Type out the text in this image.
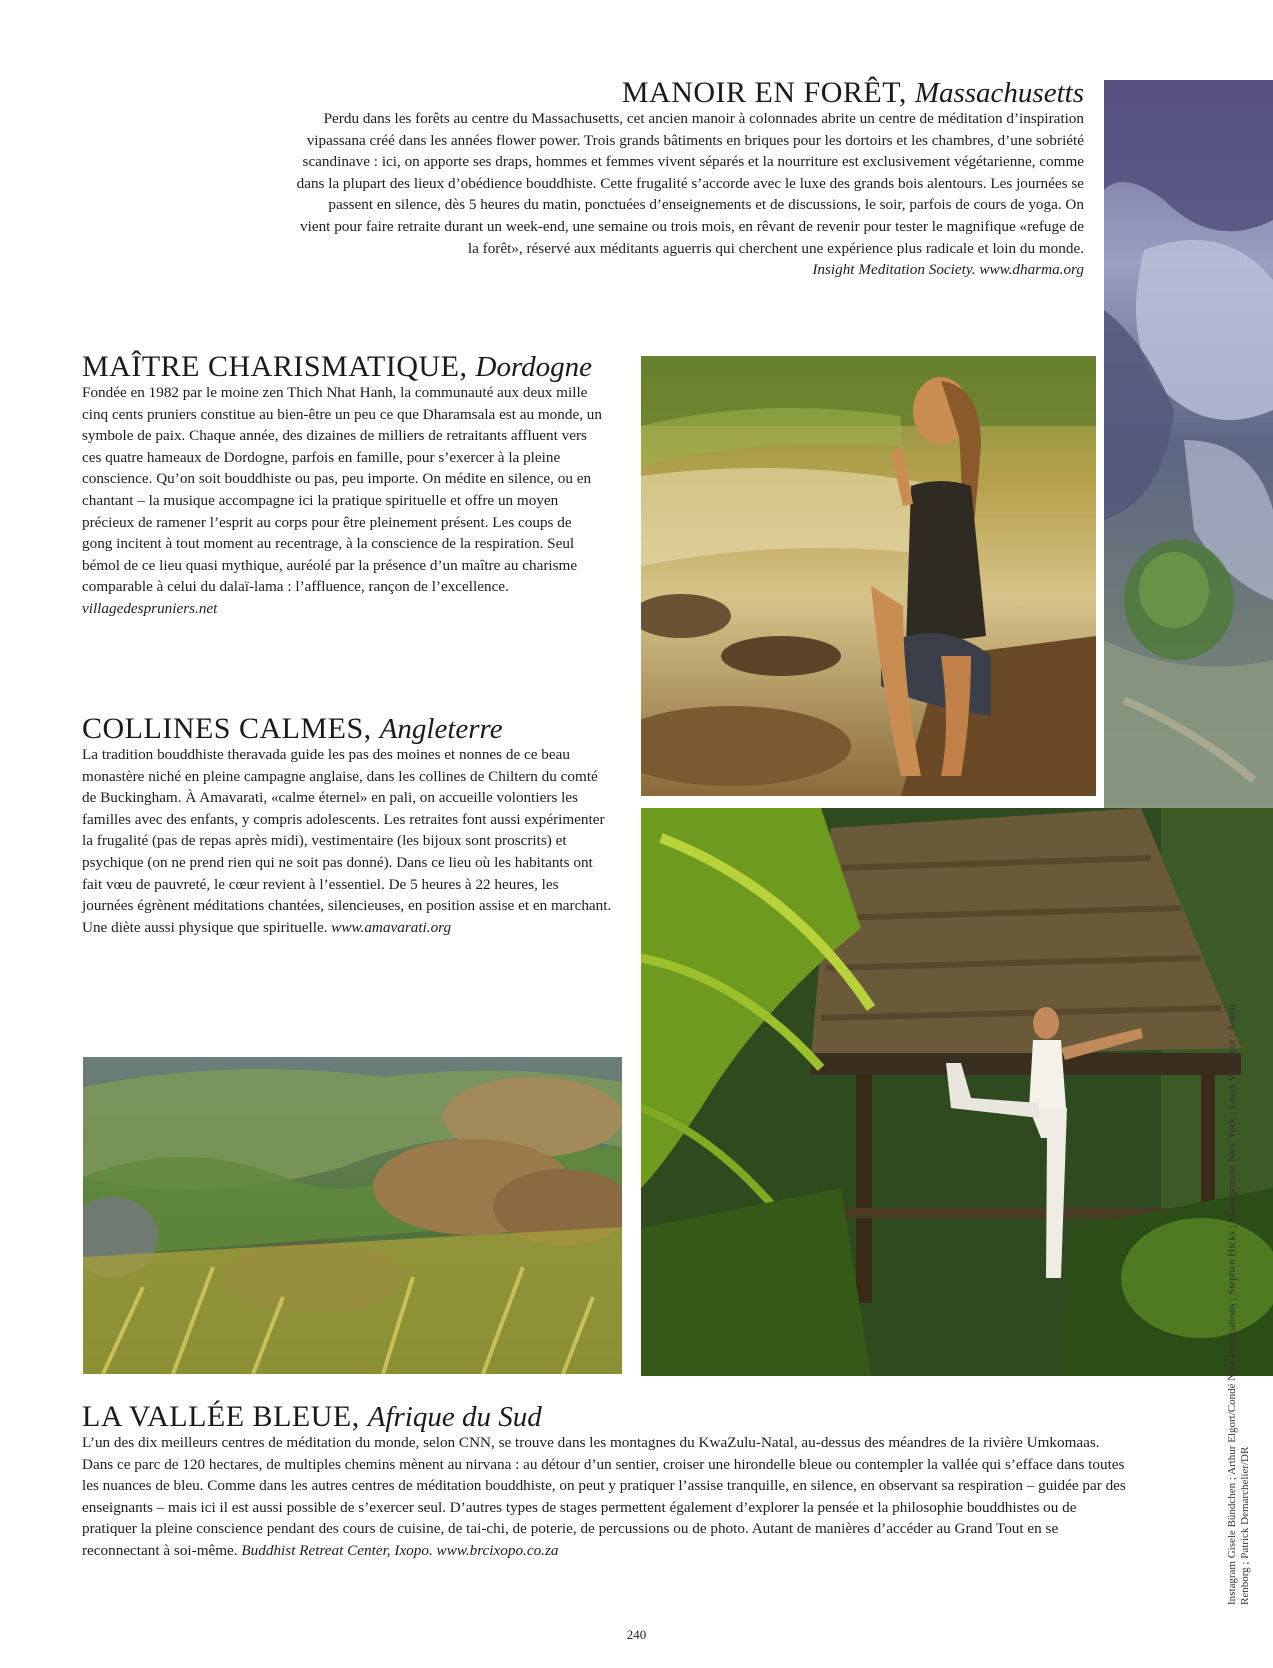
MANOIR EN FORÊT, Massachusetts
Perdu dans les forêts au centre du Massachusetts, cet ancien manoir à colonnades abrite un centre de méditation d’inspiration vipassana créé dans les années flower power. Trois grands bâtiments en briques pour les dortoirs et les chambres, d’une sobriété scandinave : ici, on apporte ses draps, hommes et femmes vivent séparés et la nourriture est exclusivement végétarienne, comme dans la plupart des lieux d’obédience bouddhiste. Cette frugalité s’accorde avec le luxe des grands bois alentours. Les journées se passent en silence, dès 5 heures du matin, ponctuées d’enseignements et de discussions, le soir, parfois de cours de yoga. On vient pour faire retraite durant un week-end, une semaine ou trois mois, en rêvant de revenir pour tester le magnifique «refuge de la forêt», réservé aux méditants aguerris qui cherchent une expérience plus radicale et loin du monde.
Insight Meditation Society. www.dharma.org
MAÎTRE CHARISMATIQUE, Dordogne
Fondée en 1982 par le moine zen Thich Nhat Hanh, la communauté aux deux mille cinq cents pruniers constitue au bien-être un peu ce que Dharamsala est au monde, un symbole de paix. Chaque année, des dizaines de milliers de retraitants affluent vers ces quatre hameaux de Dordogne, parfois en famille, pour s’exercer à la pleine conscience. Qu’on soit bouddhiste ou pas, peu importe. On médite en silence, ou en chantant – la musique accompagne ici la pratique spirituelle et offre un moyen précieux de ramener l’esprit au corps pour être pleinement présent. Les coups de gong incitent à tout moment au recentrage, à la conscience de la respiration. Seul bémol de ce lieu quasi mythique, auréolé par la présence d’un maître au charisme comparable à celui du dalaï-lama : l’affluence, rançon de l’excellence. villagedespruniers.net
COLLINES CALMES, Angleterre
La tradition bouddhiste theravada guide les pas des moines et nonnes de ce beau monastère niché en pleine campagne anglaise, dans les collines de Chiltern du comté de Buckingham. À Amavarati, «calme éternel» en pali, on accueille volontiers les familles avec des enfants, y compris adolescents. Les retraites font aussi expérimenter la frugalité (pas de repas après midi), vestimentaire (les bijoux sont proscrits) et psychique (on ne prend rien qui ne soit pas donné). Dans ce lieu où les habitants ont fait vœu de pauvreté, le cœur revient à l’essentiel. De 5 heures à 22 heures, les journées égrènent méditations chantées, silencieuses, en position assise et en marchant. Une diète aussi physique que spirituelle. www.amavarati.org
LA VALLÉE BLEUE, Afrique du Sud
L’un des dix meilleurs centres de méditation du monde, selon CNN, se trouve dans les montagnes du KwaZulu-Natal, au-dessus des méandres de la rivière Umkomaas. Dans ce parc de 120 hectares, de multiples chemins mènent au nirvana : au détour d’un sentier, croiser une hirondelle bleue ou contempler la vallée qui s’efface dans toutes les nuances de bleu. Comme dans les autres centres de méditation bouddhiste, on peut y pratiquer l’assise tranquille, en silence, en observant sa respiration – guidée par des enseignants – mais ici il est aussi possible de s’exercer seul. D’autres types de stages permettent également d’explorer la pensée et la philosophie bouddhistes ou de pratiquer la pleine conscience pendant des cours de cuisine, de tai-chi, de poterie, de percussions ou de photo. Autant de manières d’accéder au Grand Tout en se reconnectant à soi-même. Buddhist Retreat Center, Ixopo. www.brcixopo.co.za	Instagram Gisele Bündchen ; Arthur Elgort/Condé Nast Publications ; Stephen Hicks ; Management New York ; Louis Van Hout ; Anton Renborg ; Patrick Demarchelier/DR
240
